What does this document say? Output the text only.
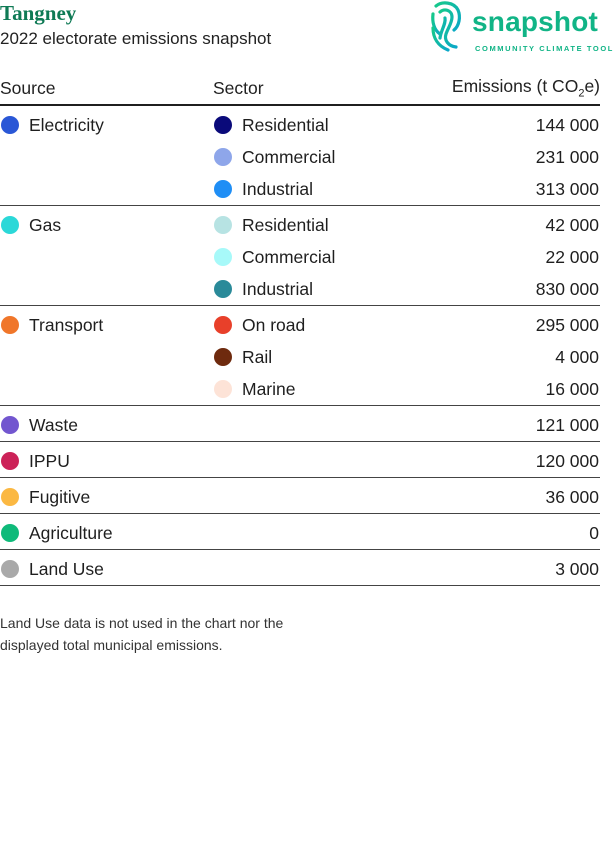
Tangney
2022 electorate emissions snapshot
snapshot
COMMUNITY CLIMATE TOOL
Source	Sector	Emissions (t $CO_2e$)

Electricity	Residential	144 000

	Commercial	231 000

	Industrial	313 000

Gas	Residential	42 000

	Commercial	22 000

	Industrial	830 000

Transport	On road	295 000

	Rail	4 000

	Marine	16 000

Waste		121 000

IPPU		120 000

Fugitive		36 000

Agriculture		0

Land Use		3 000
Land Use data is not used in the chart nor the displayed total municipal emissions.
